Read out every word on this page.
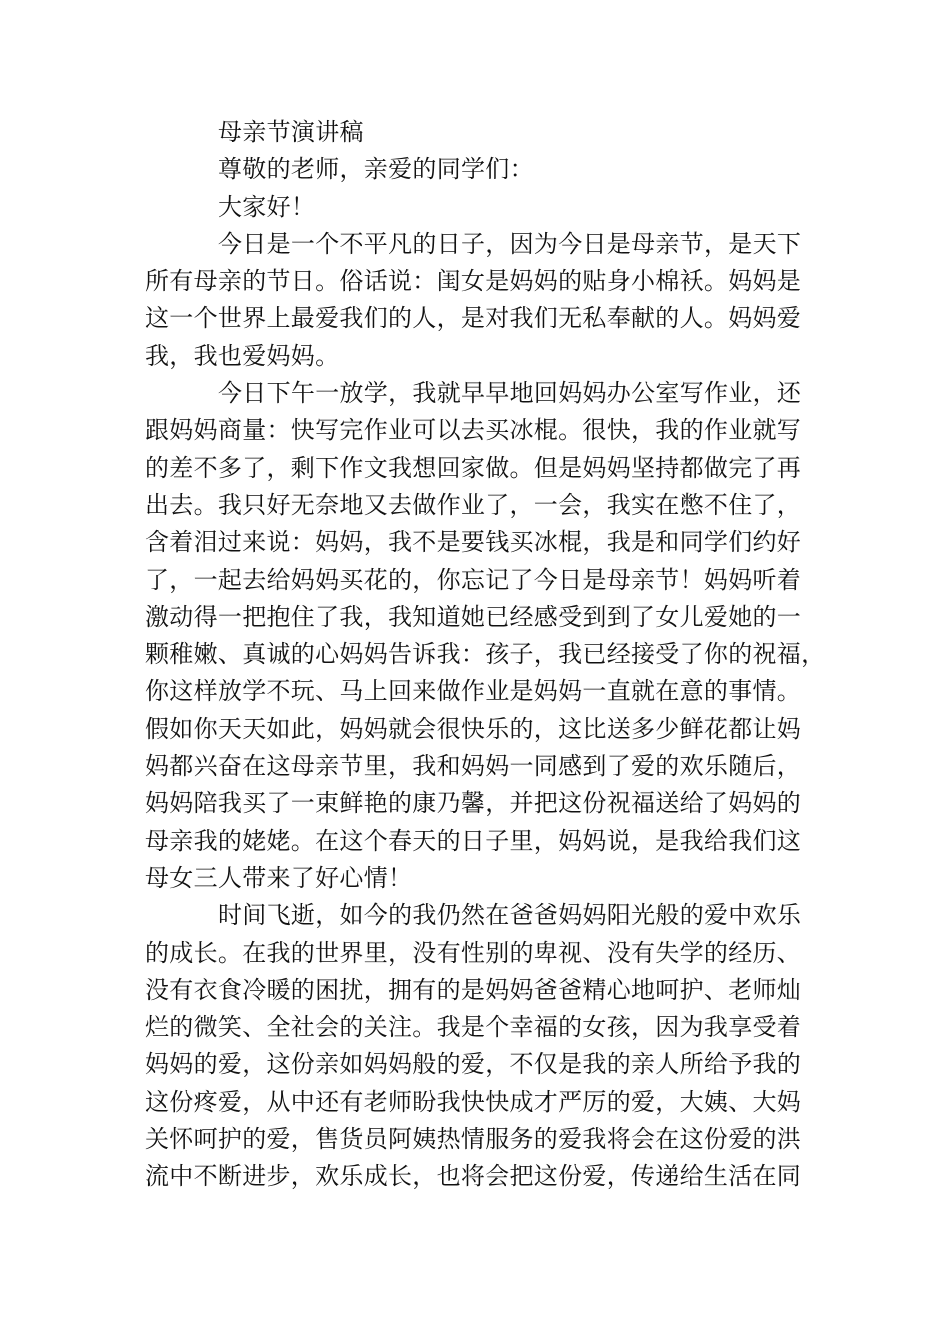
母亲节演讲稿
尊敬的老师，亲爱的同学们：
大家好！
今日是一个不平凡的日子，因为今日是母亲节，是天下
所有母亲的节日。俗话说：闺女是妈妈的贴身小棉袄。妈妈是
这一个世界上最爱我们的人，是对我们无私奉献的人。妈妈爱
我，我也爱妈妈。
今日下午一放学，我就早早地回妈妈办公室写作业，还
跟妈妈商量：快写完作业可以去买冰棍。很快，我的作业就写
的差不多了，剩下作文我想回家做。但是妈妈坚持都做完了再
出去。我只好无奈地又去做作业了，一会，我实在憋不住了，
含着泪过来说：妈妈，我不是要钱买冰棍，我是和同学们约好
了，一起去给妈妈买花的，你忘记了今日是母亲节！妈妈听着
激动得一把抱住了我，我知道她已经感受到到了女儿爱她的一
颗稚嫩、真诚的心妈妈告诉我：孩子，我已经接受了你的祝福，
你这样放学不玩、马上回来做作业是妈妈一直就在意的事情。
假如你天天如此，妈妈就会很快乐的，这比送多少鲜花都让妈
妈都兴奋在这母亲节里，我和妈妈一同感到了爱的欢乐随后，
妈妈陪我买了一束鲜艳的康乃馨，并把这份祝福送给了妈妈的
母亲我的姥姥。在这个春天的日子里，妈妈说，是我给我们这
母女三人带来了好心情！
时间飞逝，如今的我仍然在爸爸妈妈阳光般的爱中欢乐
的成长。在我的世界里，没有性别的卑视、没有失学的经历、
没有衣食冷暖的困扰，拥有的是妈妈爸爸精心地呵护、老师灿
烂的微笑、全社会的关注。我是个幸福的女孩，因为我享受着
妈妈的爱，这份亲如妈妈般的爱，不仅是我的亲人所给予我的
这份疼爱，从中还有老师盼我快快成才严厉的爱，大姨、大妈
关怀呵护的爱，售货员阿姨热情服务的爱我将会在这份爱的洪
流中不断进步，欢乐成长，也将会把这份爱，传递给生活在同
